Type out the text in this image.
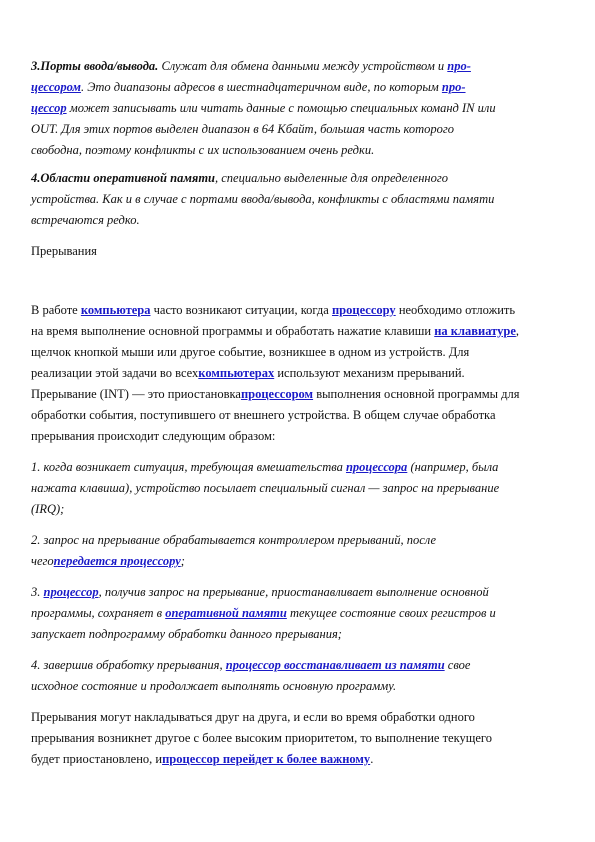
3.Порты ввода/вывода. Служат для обмена данными между устройством и про-
цессором. Это диапазоны адресов в шестнадцатеричном виде, по которым про-
цессор может записывать или читать данные с помощью специальных команд IN или
OUT. Для этих портов выделен диапазон в 64 Кбайт, большая часть которого
свободна, поэтому конфликты с их использованием очень редки.
4.Области оперативной памяти, специально выделенные для определенного
устройства. Как и в случае с портами ввода/вывода, конфликты с областями памяти
встречаются редко.
Прерывания
В работе компьютера часто возникают ситуации, когда процессору необходимо отложить
на время выполнение основной программы и обработать нажатие клавиши на клавиатуре,
щелчок кнопкой мыши или другое событие, возникшее в одном из устройств. Для
реализации этой задачи во всехкомпьютерах используют механизм прерываний.
Прерывание (INT) — это приостановкапроцессором выполнения основной программы для
обработки события, поступившего от внешнего устройства. В общем случае обработка
прерывания происходит следующим образом:
1. когда возникает ситуация, требующая вмешательства процессора (например, была
нажата клавиша), устройство посылает специальный сигнал — запрос на прерывание
(IRQ);
2. запрос на прерывание обрабатывается контроллером прерываний, после
чегопередается процессору;
3. процессор, получив запрос на прерывание, приостанавливает выполнение основной
программы, сохраняет в оперативной памяти текущее состояние своих регистров и
запускает подпрограмму обработки данного прерывания;
4. завершив обработку прерывания, процессор восстанавливает из памяти свое
исходное состояние и продолжает выполнять основную программу.
Прерывания могут накладываться друг на друга, и если во время обработки одного
прерывания возникнет другое с более высоким приоритетом, то выполнение текущего
будет приостановлено, ипроцессор перейдет к более важному.
